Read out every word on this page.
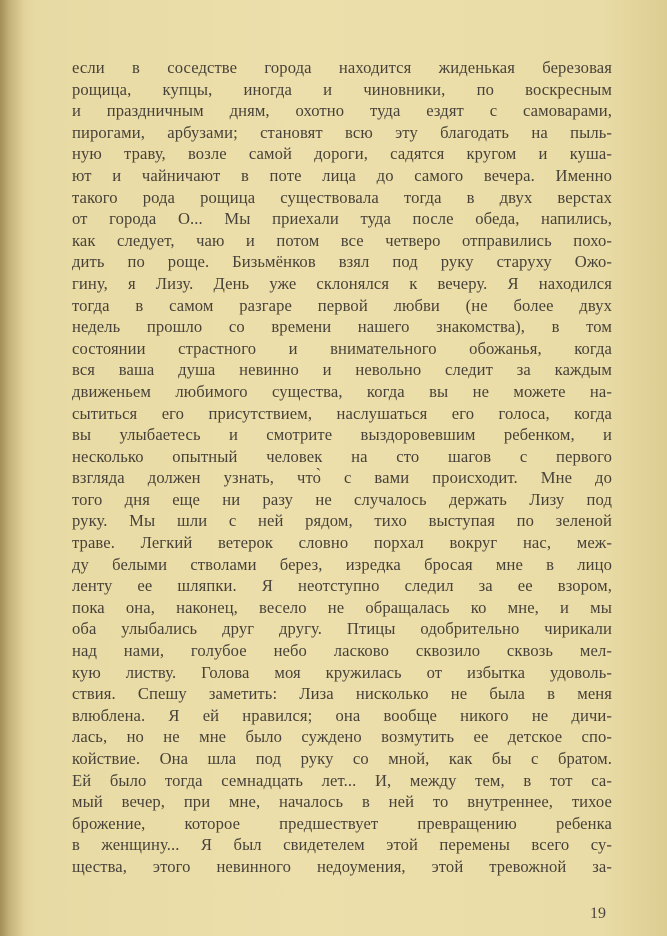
если в соседстве города находится жиденькая березовая
рощица, купцы, иногда и чиновники, по воскресным
и праздничным дням, охотно туда ездят с самоварами,
пирогами, арбузами; становят всю эту благодать на пыль-
ную траву, возле самой дороги, садятся кругом и куша-
ют и чайничают в поте лица до самого вечера. Именно
такого рода рощица существовала тогда в двух верстах
от города О... Мы приехали туда после обеда, напились,
как следует, чаю и потом все четверо отправились похо-
дить по роще. Бизьмёнков взял под руку старуху Ожо-
гину, я Лизу. День уже склонялся к вечеру. Я находился
тогда в самом разгаре первой любви (не более двух
недель прошло со времени нашего знакомства), в том
состоянии страстного и внимательного обожанья, когда
вся ваша душа невинно и невольно следит за каждым
движеньем любимого существа, когда вы не можете на-
сытиться его присутствием, наслушаться его голоса, когда
вы улыбаетесь и смотрите выздоровевшим ребенком, и
несколько опытный человек на сто шагов с первого
взгляда должен узнать, что̀ с вами происходит. Мне до
того дня еще ни разу не случалось держать Лизу под
руку. Мы шли с ней рядом, тихо выступая по зеленой
траве. Легкий ветерок словно порхал вокруг нас, меж-
ду белыми стволами берез, изредка бросая мне в лицо
ленту ее шляпки. Я неотступно следил за ее взором,
пока она, наконец, весело не обращалась ко мне, и мы
оба улыбались друг другу. Птицы одобрительно чирикали
над нами, голубое небо ласково сквозило сквозь мел-
кую листву. Голова моя кружилась от избытка удоволь-
ствия. Спешу заметить: Лиза нисколько не была в меня
влюблена. Я ей нравился; она вообще никого не дичи-
лась, но не мне было суждено возмутить ее детское спо-
койствие. Она шла под руку со мной, как бы с братом.
Ей было тогда семнадцать лет... И, между тем, в тот са-
мый вечер, при мне, началось в ней то внутреннее, тихое
брожение, которое предшествует превращению ребенка
в женщину... Я был свидетелем этой перемены всего су-
щества, этого невинного недоумения, этой тревожной за-
19
